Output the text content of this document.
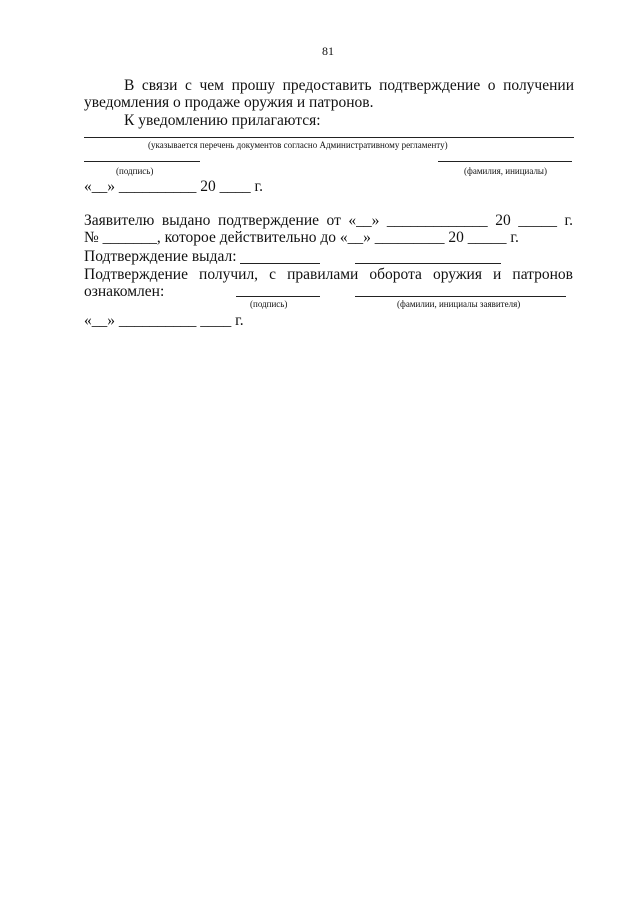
81
В связи с чем прошу предоставить подтверждение о получении
уведомления о продаже оружия и патронов.
К уведомлению прилагаются:
(указывается перечень документов согласно Административному регламенту)
(подпись)	(фамилия, инициалы)
«__» __________ 20 ____ г.
Заявителю выдано подтверждение от «__» _____________ 20 _____ г.
№ _______, которое действительно до «__» _________ 20 _____ г.
Подтверждение выдал:
Подтверждение получил, с правилами оборота оружия и патронов
ознакомлен:
(подпись)	(фамилии, инициалы заявителя)
«__» __________ ____ г.
